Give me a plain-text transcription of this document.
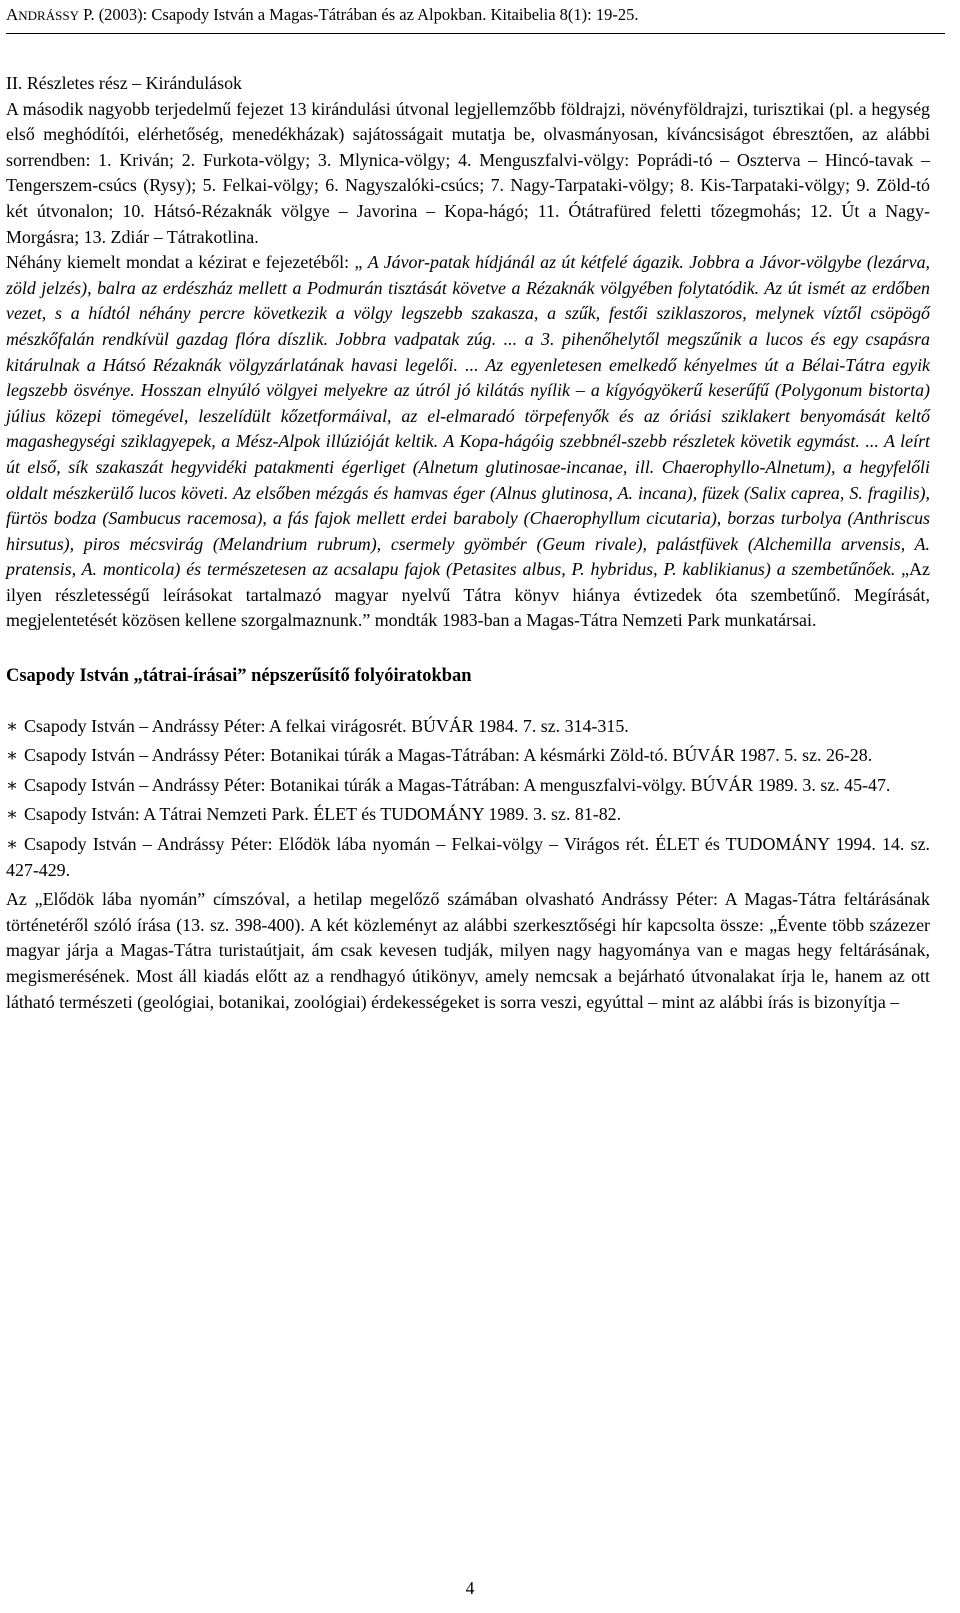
ANDRÁSSY P. (2003): Csapody István a Magas-Tátrában és az Alpokban. Kitaibelia 8(1): 19-25.

II. Részletes rész – Kirándulások
A második nagyobb terjedelmű fejezet 13 kirándulási útvonal legjellemzőbb földrajzi, növényföldrajzi, turisztikai (pl. a hegység első meghódítói, elérhetőség, menedékházak) sajátosságait mutatja be, olvasmányosan, kíváncsiságot ébresztően, az alábbi sorrendben: 1. Kriván; 2. Furkota-völgy; 3. Mlynica-völgy; 4. Menguszfalvi-völgy: Poprádi-tó – Oszterva – Hincó-tavak –Tengerszem-csúcs (Rysy); 5. Felkai-völgy; 6. Nagyszalóki-csúcs; 7. Nagy-Tarpataki-völgy; 8. Kis-Tarpataki-völgy; 9. Zöld-tó két útvonalon; 10. Hátsó-Rézaknák völgye – Javorina – Kopa-hágó; 11. Ótátrafüred feletti tőzegmohás; 12. Út a Nagy-Morgásra; 13. Zdiár – Tátrakotlina.

Néhány kiemelt mondat a kézirat e fejezetéből: „ A Jávor-patak hídjánál az út kétfelé ágazik. Jobbra a Jávor-völgybe (lezárva, zöld jelzés), balra az erdészház mellett a Podmurán tisztását követve a Rézaknák völgyében folytatódik. Az út ismét az erdőben vezet, s a hídtól néhány percre következik a völgy legszebb szakasza, a szűk, festői sziklaszoros, melynek víztől csöpögő mészkőfalán rendkívül gazdag flóra díszlik. Jobbra vadpatak zúg. ... a 3. pihenőhelytől megszűnik a lucos és egy csapásra kitárulnak a Hátsó Rézaknák völgyzárlatának havasi legelői. ... Az egyenletesen emelkedő kényelmes út a Bélai-Tátra egyik legszebb ösvénye. Hosszan elnyúló völgyei melyekre az útról jó kilátás nyílik – a kígyógyökerű keserűfű (Polygonum bistorta) július közepi tömegével, leszelídült kőzetformáival, az el-elmaradó törpefenyők és az óriási sziklakert benyomását keltő magashegységi sziklagyepek, a Mész-Alpok illúzióját keltik. A Kopa-hágóig szebbnél-szebb részletek követik egymást. ... A leírt út első, sík szakaszát hegyvidéki patakmenti égerliget (Alnetum glutinosae-incanae, ill. Chaerophyllo-Alnetum), a hegyfelőli oldalt mészkerülő lucos követi. Az elsőben mézgás és hamvas éger (Alnus glutinosa, A. incana), füzek (Salix caprea, S. fragilis), fürtös bodza (Sambucus racemosa), a fás fajok mellett erdei baraboly (Chaerophyllum cicutaria), borzas turbolya (Anthriscus hirsutus), piros mécsvirág (Melandrium rubrum), csermely gyömbér (Geum rivale), palástfüvek (Alchemilla arvensis, A. pratensis, A. monticola) és természetesen az acsalapu fajok (Petasites albus, P. hybridus, P. kablikianus) a szembetűnőek. „Az ilyen részletességű leírásokat tartalmazó magyar nyelvű Tátra könyv hiánya évtizedek óta szembetűnő. Megírását, megjelentetését közösen kellene szorgalmaznunk.” mondták 1983-ban a Magas-Tátra Nemzeti Park munkatársai.

Csapody István „tátrai-írásai” népszerűsítő folyóiratokban

∗ Csapody István – Andrássy Péter: A felkai virágosrét. BÚVÁR 1984. 7. sz. 314-315.

∗ Csapody István – Andrássy Péter: Botanikai túrák a Magas-Tátrában: A késmárki Zöld-tó. BÚVÁR 1987. 5. sz. 26-28.

∗ Csapody István – Andrássy Péter: Botanikai túrák a Magas-Tátrában: A menguszfalvi-völgy. BÚVÁR 1989. 3. sz. 45-47.

∗ Csapody István: A Tátrai Nemzeti Park. ÉLET és TUDOMÁNY 1989. 3. sz. 81-82.

∗ Csapody István – Andrássy Péter: Elődök lába nyomán – Felkai-völgy – Virágos rét. ÉLET és TUDOMÁNY 1994. 14. sz. 427-429.

Az „Elődök lába nyomán” címszóval, a hetilap megelőző számában olvasható Andrássy Péter: A Magas-Tátra feltárásának történetéről szóló írása (13. sz. 398-400). A két közleményt az alábbi szerkesztőségi hír kapcsolta össze: „Évente több százezer magyar járja a Magas-Tátra turistaútjait, ám csak kevesen tudják, milyen nagy hagyománya van e magas hegy feltárásának, megismerésének. Most áll kiadás előtt az a rendhagyó útikönyv, amely nemcsak a bejárható útvonalakat írja le, hanem az ott látható természeti (geológiai, botanikai, zoológiai) érdekességeket is sorra veszi, egyúttal – mint az alábbi írás is bizonyítja –

4
